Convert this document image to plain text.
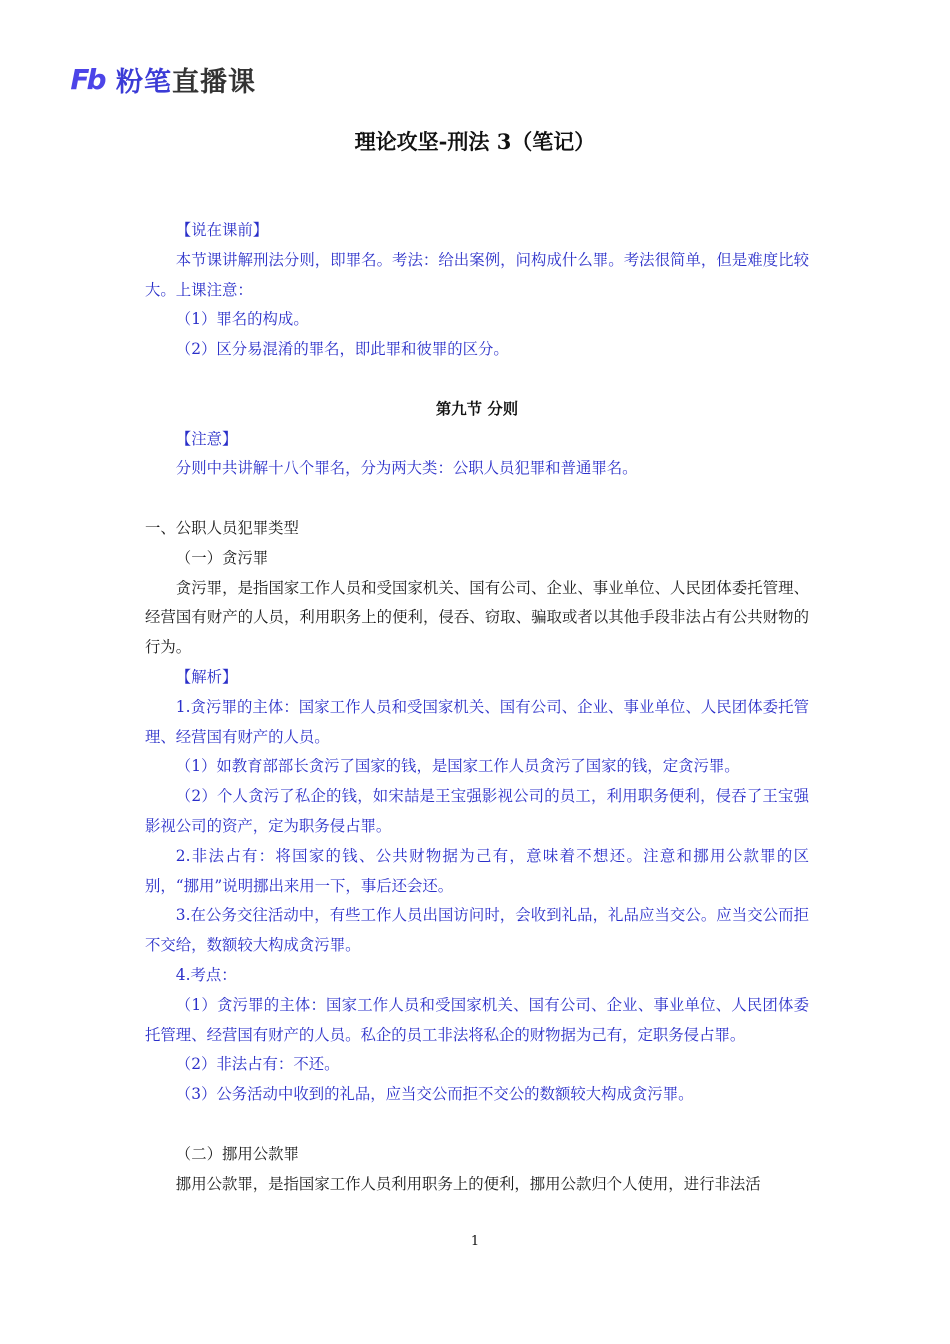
Fb 粉笔直播课
理论攻坚-刑法 3（笔记）

【说在课前】

本节课讲解刑法分则，即罪名。考法：给出案例，问构成什么罪。考法很简单，但是难度比较大。上课注意：

（1）罪名的构成。

（2）区分易混淆的罪名，即此罪和彼罪的区分。

第九节 分则

【注意】

分则中共讲解十八个罪名，分为两大类：公职人员犯罪和普通罪名。

一、公职人员犯罪类型

（一）贪污罪

贪污罪，是指国家工作人员和受国家机关、国有公司、企业、事业单位、人民团体委托管理、经营国有财产的人员，利用职务上的便利，侵吞、窃取、骗取或者以其他手段非法占有公共财物的行为。

【解析】

1.贪污罪的主体：国家工作人员和受国家机关、国有公司、企业、事业单位、人民团体委托管理、经营国有财产的人员。

（1）如教育部部长贪污了国家的钱，是国家工作人员贪污了国家的钱，定贪污罪。

（2）个人贪污了私企的钱，如宋喆是王宝强影视公司的员工，利用职务便利，侵吞了王宝强影视公司的资产，定为职务侵占罪。

2.非法占有：将国家的钱、公共财物据为己有，意味着不想还。注意和挪用公款罪的区别，“挪用”说明挪出来用一下，事后还会还。

3.在公务交往活动中，有些工作人员出国访问时，会收到礼品，礼品应当交公。应当交公而拒不交给，数额较大构成贪污罪。

4.考点：

（1）贪污罪的主体：国家工作人员和受国家机关、国有公司、企业、事业单位、人民团体委托管理、经营国有财产的人员。私企的员工非法将私企的财物据为己有，定职务侵占罪。

（2）非法占有：不还。

（3）公务活动中收到的礼品，应当交公而拒不交公的数额较大构成贪污罪。

（二）挪用公款罪

挪用公款罪，是指国家工作人员利用职务上的便利，挪用公款归个人使用，进行非法活

1
